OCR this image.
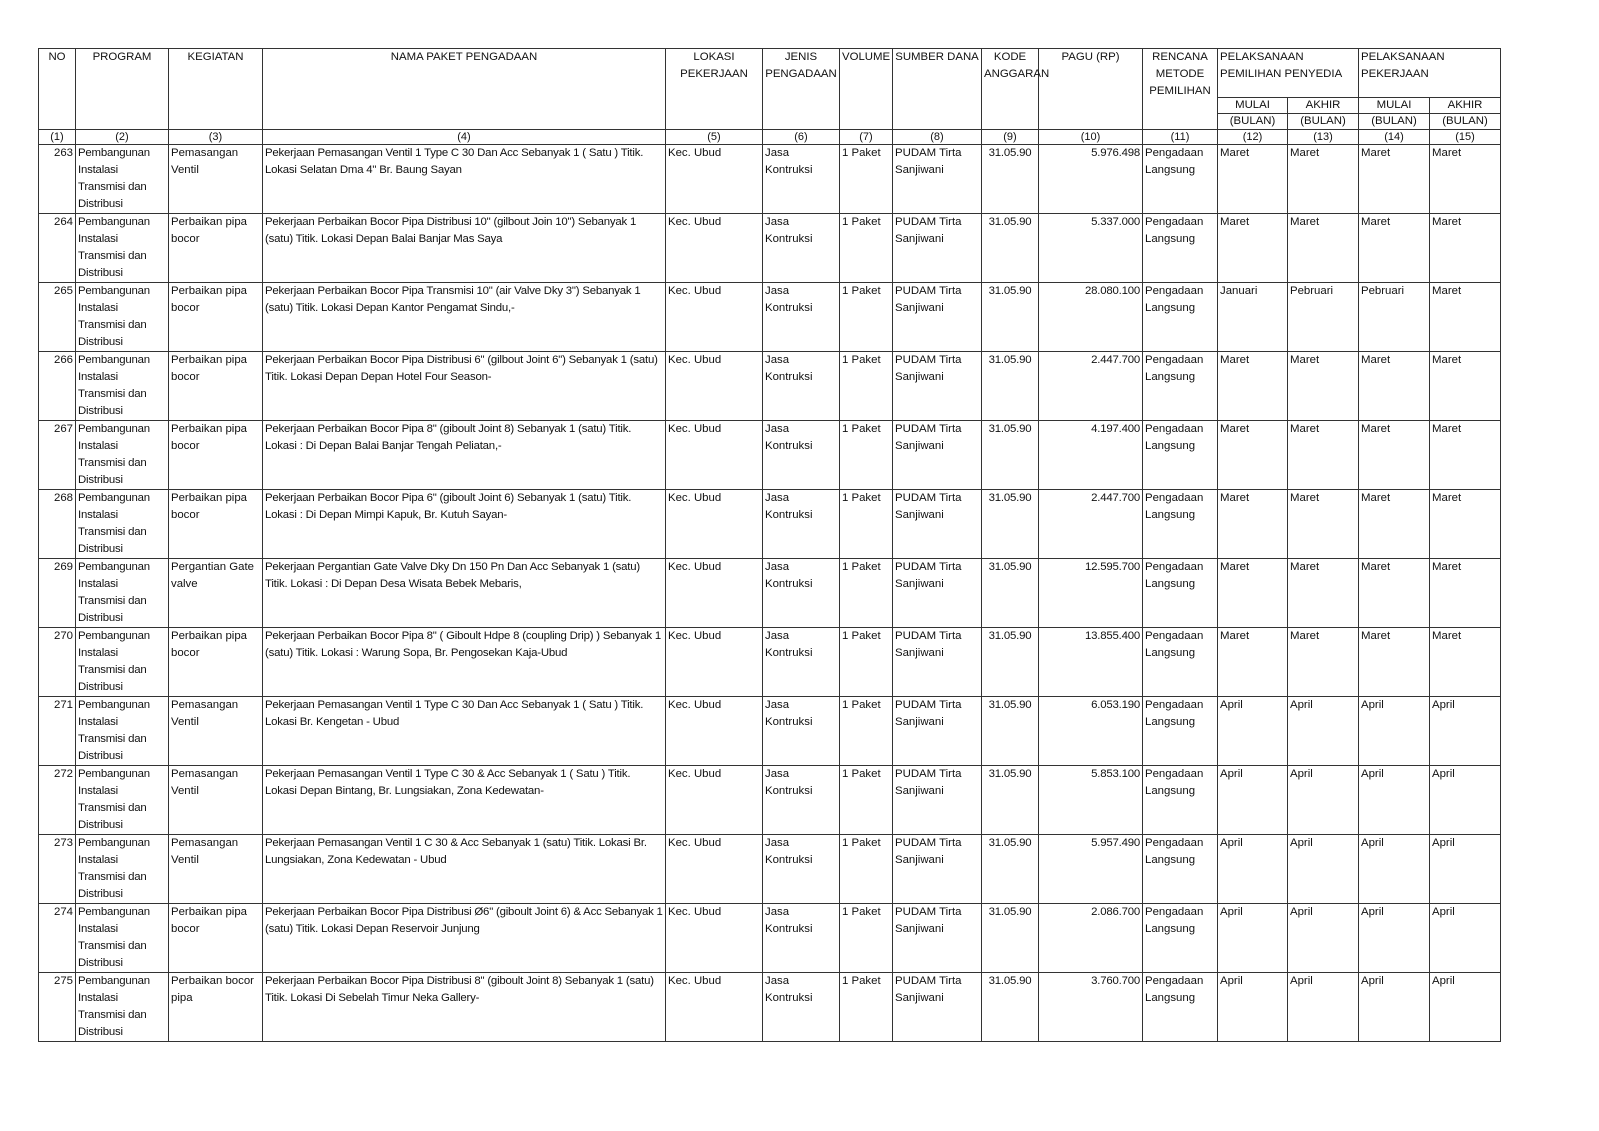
NO	PROGRAM	KEGIATAN	NAMA PAKET PENGADAAN	LOKASI PEKERJAAN	JENIS PENGADAAN	VOLUME	SUMBER DANA	KODE ANGGARAN	PAGU (RP)	RENCANA METODE PEMILIHAN	PELAKSANAAN PEMILIHAN PENYEDIA		PELAKSANAAN PEKERJAAN	
											MULAI	AKHIR	MULAI	AKHIR
											(BULAN)	(BULAN)	(BULAN)	(BULAN)
(1)	(2)	(3)	(4)	(5)	(6)	(7)	(8)	(9)	(10)	(11)	(12)	(13)	(14)	(15)
263	Pembangunan Instalasi Transmisi dan Distribusi	Pemasangan Ventil	Pekerjaan Pemasangan Ventil 1 Type C 30 Dan Acc Sebanyak 1 ( Satu ) Titik. Lokasi Selatan Dma 4" Br. Baung Sayan	Kec. Ubud	Jasa Kontruksi	1 Paket	PUDAM Tirta Sanjiwani	31.05.90	5.976.498	Pengadaan Langsung	Maret	Maret	Maret	Maret
264	Pembangunan Instalasi Transmisi dan Distribusi	Perbaikan pipa bocor	Pekerjaan Perbaikan Bocor Pipa Distribusi 10" (gilbout Join 10") Sebanyak 1 (satu) Titik. Lokasi Depan Balai Banjar Mas Saya	Kec. Ubud	Jasa Kontruksi	1 Paket	PUDAM Tirta Sanjiwani	31.05.90	5.337.000	Pengadaan Langsung	Maret	Maret	Maret	Maret
265	Pembangunan Instalasi Transmisi dan Distribusi	Perbaikan pipa bocor	Pekerjaan Perbaikan Bocor Pipa Transmisi 10" (air Valve Dky 3") Sebanyak 1 (satu) Titik. Lokasi Depan Kantor Pengamat Sindu,-	Kec. Ubud	Jasa Kontruksi	1 Paket	PUDAM Tirta Sanjiwani	31.05.90	28.080.100	Pengadaan Langsung	Januari	Pebruari	Pebruari	Maret
266	Pembangunan Instalasi Transmisi dan Distribusi	Perbaikan pipa bocor	Pekerjaan Perbaikan Bocor Pipa Distribusi 6" (gilbout Joint 6") Sebanyak 1 (satu) Titik. Lokasi Depan Depan Hotel Four Season-	Kec. Ubud	Jasa Kontruksi	1 Paket	PUDAM Tirta Sanjiwani	31.05.90	2.447.700	Pengadaan Langsung	Maret	Maret	Maret	Maret
267	Pembangunan Instalasi Transmisi dan Distribusi	Perbaikan pipa bocor	Pekerjaan Perbaikan Bocor Pipa 8" (giboult Joint 8) Sebanyak 1 (satu) Titik. Lokasi : Di Depan Balai Banjar Tengah Peliatan,-	Kec. Ubud	Jasa Kontruksi	1 Paket	PUDAM Tirta Sanjiwani	31.05.90	4.197.400	Pengadaan Langsung	Maret	Maret	Maret	Maret
268	Pembangunan Instalasi Transmisi dan Distribusi	Perbaikan pipa bocor	Pekerjaan Perbaikan Bocor Pipa 6" (giboult Joint 6) Sebanyak 1 (satu) Titik. Lokasi : Di Depan Mimpi Kapuk, Br. Kutuh Sayan-	Kec. Ubud	Jasa Kontruksi	1 Paket	PUDAM Tirta Sanjiwani	31.05.90	2.447.700	Pengadaan Langsung	Maret	Maret	Maret	Maret
269	Pembangunan Instalasi Transmisi dan Distribusi	Pergantian Gate valve	Pekerjaan Pergantian Gate Valve Dky Dn 150 Pn Dan Acc Sebanyak 1 (satu) Titik. Lokasi : Di Depan Desa Wisata Bebek Mebaris,	Kec. Ubud	Jasa Kontruksi	1 Paket	PUDAM Tirta Sanjiwani	31.05.90	12.595.700	Pengadaan Langsung	Maret	Maret	Maret	Maret
270	Pembangunan Instalasi Transmisi dan Distribusi	Perbaikan pipa bocor	Pekerjaan Perbaikan Bocor Pipa 8" ( Giboult Hdpe 8 (coupling Drip) ) Sebanyak 1 (satu) Titik. Lokasi : Warung Sopa, Br. Pengosekan Kaja-Ubud	Kec. Ubud	Jasa Kontruksi	1 Paket	PUDAM Tirta Sanjiwani	31.05.90	13.855.400	Pengadaan Langsung	Maret	Maret	Maret	Maret
271	Pembangunan Instalasi Transmisi dan Distribusi	Pemasangan Ventil	Pekerjaan Pemasangan Ventil 1 Type C 30 Dan Acc Sebanyak 1 ( Satu ) Titik. Lokasi Br. Kengetan - Ubud	Kec. Ubud	Jasa Kontruksi	1 Paket	PUDAM Tirta Sanjiwani	31.05.90	6.053.190	Pengadaan Langsung	April	April	April	April
272	Pembangunan Instalasi Transmisi dan Distribusi	Pemasangan Ventil	Pekerjaan Pemasangan Ventil 1 Type C 30 & Acc Sebanyak 1 ( Satu ) Titik. Lokasi Depan Bintang, Br. Lungsiakan, Zona Kedewatan-	Kec. Ubud	Jasa Kontruksi	1 Paket	PUDAM Tirta Sanjiwani	31.05.90	5.853.100	Pengadaan Langsung	April	April	April	April
273	Pembangunan Instalasi Transmisi dan Distribusi	Pemasangan Ventil	Pekerjaan Pemasangan Ventil 1 C 30 & Acc Sebanyak 1 (satu) Titik. Lokasi Br. Lungsiakan, Zona Kedewatan - Ubud	Kec. Ubud	Jasa Kontruksi	1 Paket	PUDAM Tirta Sanjiwani	31.05.90	5.957.490	Pengadaan Langsung	April	April	April	April
274	Pembangunan Instalasi Transmisi dan Distribusi	Perbaikan pipa bocor	Pekerjaan Perbaikan Bocor Pipa Distribusi Ø6" (giboult Joint 6) & Acc Sebanyak 1 (satu) Titik. Lokasi Depan Reservoir Junjung	Kec. Ubud	Jasa Kontruksi	1 Paket	PUDAM Tirta Sanjiwani	31.05.90	2.086.700	Pengadaan Langsung	April	April	April	April
275	Pembangunan Instalasi Transmisi dan Distribusi	Perbaikan bocor pipa	Pekerjaan Perbaikan Bocor Pipa Distribusi 8" (giboult Joint 8) Sebanyak 1 (satu) Titik. Lokasi Di Sebelah Timur Neka Gallery-	Kec. Ubud	Jasa Kontruksi	1 Paket	PUDAM Tirta Sanjiwani	31.05.90	3.760.700	Pengadaan Langsung	April	April	April	April
